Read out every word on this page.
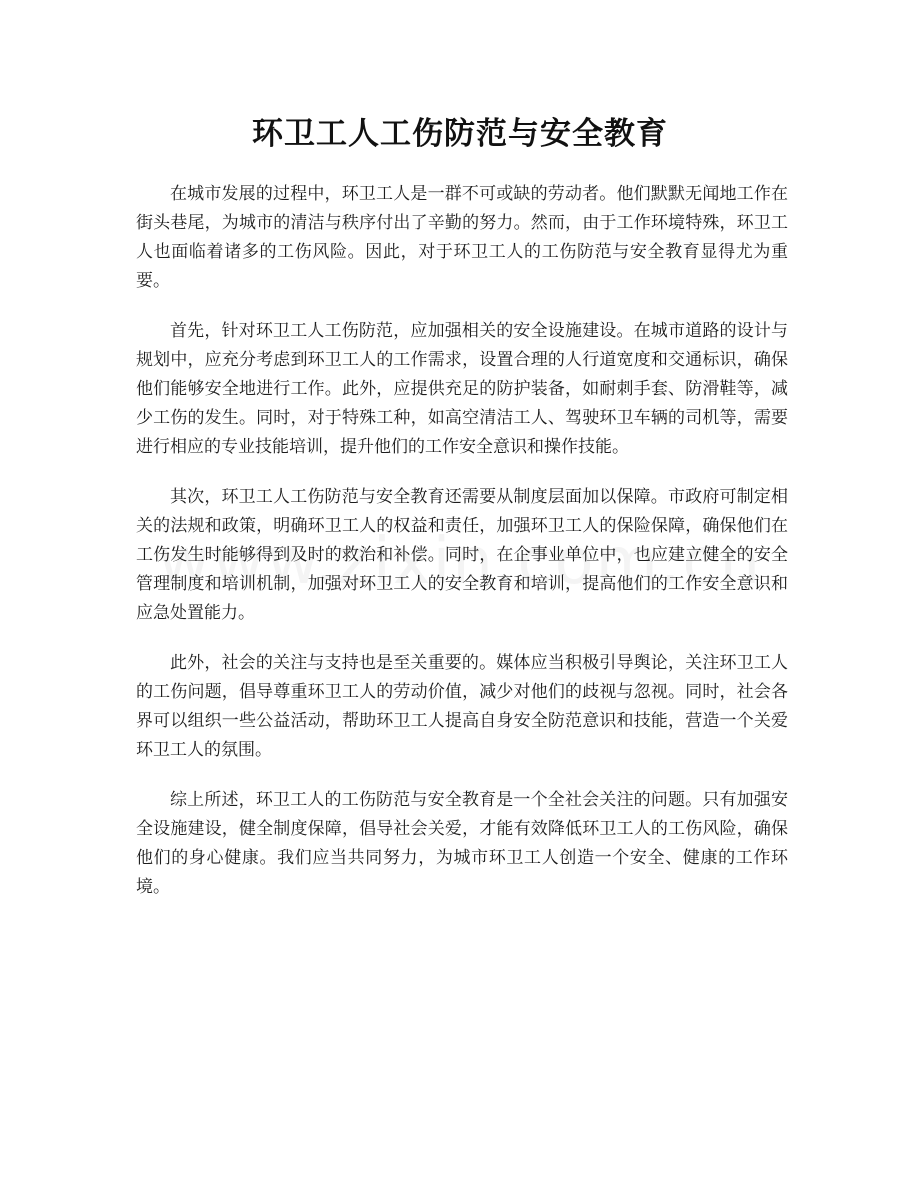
环卫工人工伤防范与安全教育

在城市发展的过程中，环卫工人是一群不可或缺的劳动者。他们默默无闻地工作在街头巷尾，为城市的清洁与秩序付出了辛勤的努力。然而，由于工作环境特殊，环卫工人也面临着诸多的工伤风险。因此，对于环卫工人的工伤防范与安全教育显得尤为重要。

首先，针对环卫工人工伤防范，应加强相关的安全设施建设。在城市道路的设计与规划中，应充分考虑到环卫工人的工作需求，设置合理的人行道宽度和交通标识，确保他们能够安全地进行工作。此外，应提供充足的防护装备，如耐刺手套、防滑鞋等，减少工伤的发生。同时，对于特殊工种，如高空清洁工人、驾驶环卫车辆的司机等，需要进行相应的专业技能培训，提升他们的工作安全意识和操作技能。

其次，环卫工人工伤防范与安全教育还需要从制度层面加以保障。市政府可制定相关的法规和政策，明确环卫工人的权益和责任，加强环卫工人的保险保障，确保他们在工伤发生时能够得到及时的救治和补偿。同时，在企事业单位中，也应建立健全的安全管理制度和培训机制，加强对环卫工人的安全教育和培训，提高他们的工作安全意识和应急处置能力。

此外，社会的关注与支持也是至关重要的。媒体应当积极引导舆论，关注环卫工人的工伤问题，倡导尊重环卫工人的劳动价值，减少对他们的歧视与忽视。同时，社会各界可以组织一些公益活动，帮助环卫工人提高自身安全防范意识和技能，营造一个关爱环卫工人的氛围。

综上所述，环卫工人的工伤防范与安全教育是一个全社会关注的问题。只有加强安全设施建设，健全制度保障，倡导社会关爱，才能有效降低环卫工人的工伤风险，确保他们的身心健康。我们应当共同努力，为城市环卫工人创造一个安全、健康的工作环境。
